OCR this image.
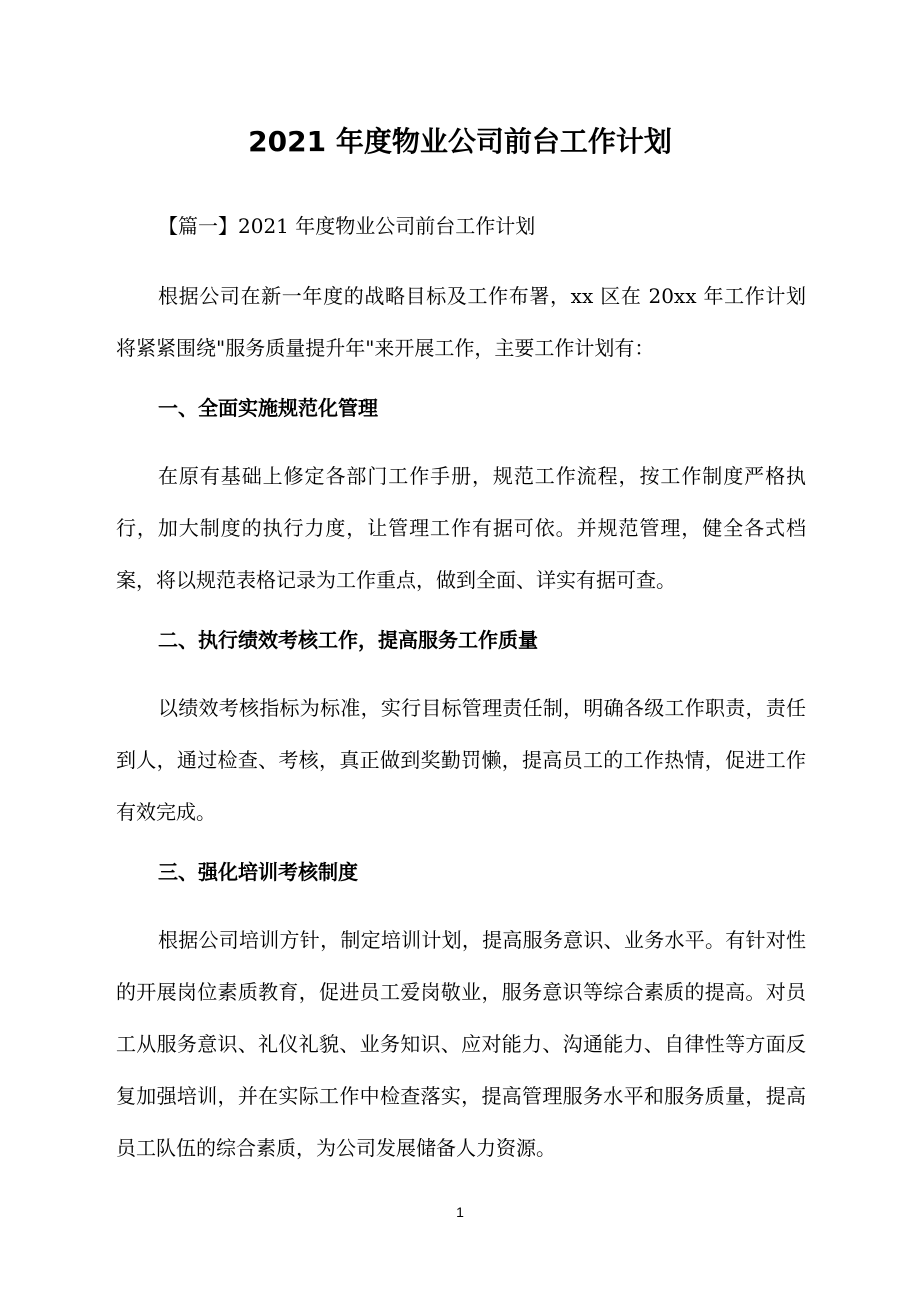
2021 年度物业公司前台工作计划

【篇一】2021 年度物业公司前台工作计划

根据公司在新一年度的战略目标及工作布署，xx 区在 20xx 年工作计划将紧紧围绕"服务质量提升年"来开展工作，主要工作计划有：

一、全面实施规范化管理

在原有基础上修定各部门工作手册，规范工作流程，按工作制度严格执行，加大制度的执行力度，让管理工作有据可依。并规范管理，健全各式档案，将以规范表格记录为工作重点，做到全面、详实有据可查。

二、执行绩效考核工作，提高服务工作质量

以绩效考核指标为标准，实行目标管理责任制，明确各级工作职责，责任到人，通过检查、考核，真正做到奖勤罚懒，提高员工的工作热情，促进工作有效完成。

三、强化培训考核制度

根据公司培训方针，制定培训计划，提高服务意识、业务水平。有针对性的开展岗位素质教育，促进员工爱岗敬业，服务意识等综合素质的提高。对员工从服务意识、礼仪礼貌、业务知识、应对能力、沟通能力、自律性等方面反复加强培训，并在实际工作中检查落实，提高管理服务水平和服务质量，提高员工队伍的综合素质，为公司发展储备人力资源。

1
